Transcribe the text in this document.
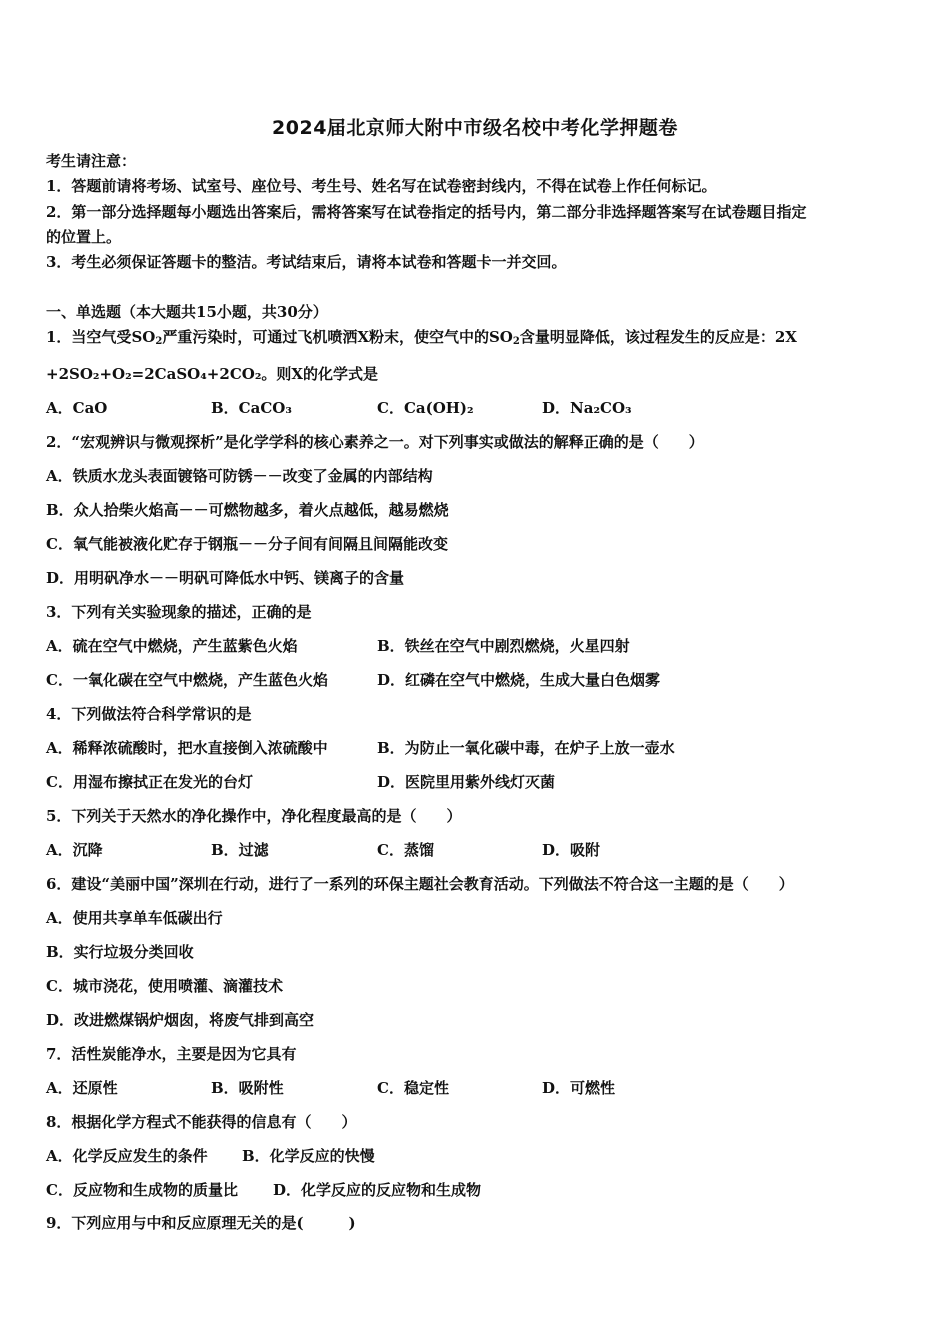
2024届北京师大附中市级名校中考化学押题卷
考生请注意：
1．答题前请将考场、试室号、座位号、考生号、姓名写在试卷密封线内，不得在试卷上作任何标记。
2．第一部分选择题每小题选出答案后，需将答案写在试卷指定的括号内，第二部分非选择题答案写在试卷题目指定
的位置上。
3．考生必须保证答题卡的整洁。考试结束后，请将本试卷和答题卡一并交回。
一、单选题（本大题共15小题，共30分）
1．当空气受$SO_2$严重污染时，可通过飞机喷洒X粉末，使空气中的$SO_2$含量明显降低，该过程发生的反应是：2X
+2SO₂+O₂=2CaSO₄+2CO₂。则X的化学式是
A．CaO	B．CaCO₃	C．Ca(OH)₂	D．Na₂CO₃
2．“宏观辨识与微观探析”是化学学科的核心素养之一。对下列事实或做法的解释正确的是（　　）
A．铁质水龙头表面镀铬可防锈－－改变了金属的内部结构
B．众人拾柴火焰高－－可燃物越多，着火点越低，越易燃烧
C．氧气能被液化贮存于钢瓶－－分子间有间隔且间隔能改变
D．用明矾净水－－明矾可降低水中钙、镁离子的含量
3．下列有关实验现象的描述，正确的是
A．硫在空气中燃烧，产生蓝紫色火焰	B．铁丝在空气中剧烈燃烧，火星四射
C．一氧化碳在空气中燃烧，产生蓝色火焰	D．红磷在空气中燃烧，生成大量白色烟雾
4．下列做法符合科学常识的是
A．稀释浓硫酸时，把水直接倒入浓硫酸中	B．为防止一氧化碳中毒，在炉子上放一壶水
C．用湿布擦拭正在发光的台灯	D．医院里用紫外线灯灭菌
5．下列关于天然水的净化操作中，净化程度最高的是（　　）
A．沉降	B．过滤	C．蒸馏	D．吸附
6．建设“美丽中国”深圳在行动，进行了一系列的环保主题社会教育活动。下列做法不符合这一主题的是（　　）
A．使用共享单车低碳出行
B．实行垃圾分类回收
C．城市浇花，使用喷灌、滴灌技术
D．改进燃煤锅炉烟囱，将废气排到高空
7．活性炭能净水，主要是因为它具有
A．还原性	B．吸附性	C．稳定性	D．可燃性
8．根据化学方程式不能获得的信息有（　　）
A．化学反应发生的条件 B．化学反应的快慢
C．反应物和生成物的质量比 D．化学反应的反应物和生成物
9．下列应用与中和反应原理无关的是(　　　)
